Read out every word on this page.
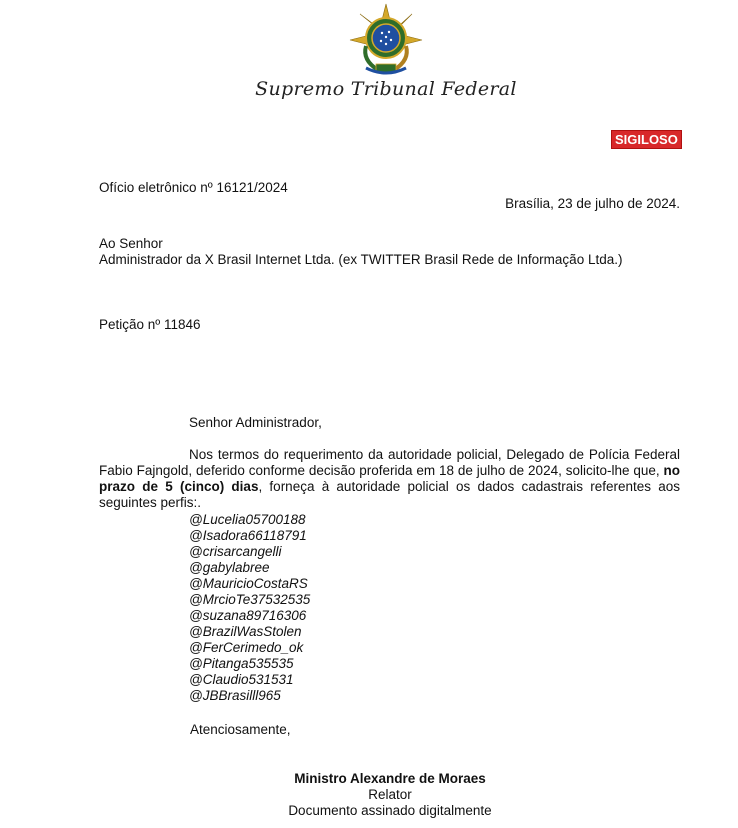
Supremo Tribunal Federal
SIGILOSO
Ofício eletrônico nº 16121/2024
Brasília, 23 de julho de 2024.
Ao Senhor
Administrador da X Brasil Internet Ltda. (ex TWITTER Brasil Rede de Informação Ltda.)
Petição nº 11846
Senhor Administrador,
Nos termos do requerimento da autoridade policial, Delegado de Polícia Federal Fabio Fajngold, deferido conforme decisão proferida em 18 de julho de 2024, solicito-lhe que, no prazo de 5 (cinco) dias, forneça à autoridade policial os dados cadastrais referentes aos seguintes perfis:.
@Lucelia05700188
@Isadora66118791
@crisarcangelli
@gabylabree
@MauricioCostaRS
@MrcioTe37532535
@suzana89716306
@BrazilWasStolen
@FerCerimedo_ok
@Pitanga535535
@Claudio531531
@JBBrasilll965
Atenciosamente,
Ministro Alexandre de Moraes
Relator
Documento assinado digitalmente
